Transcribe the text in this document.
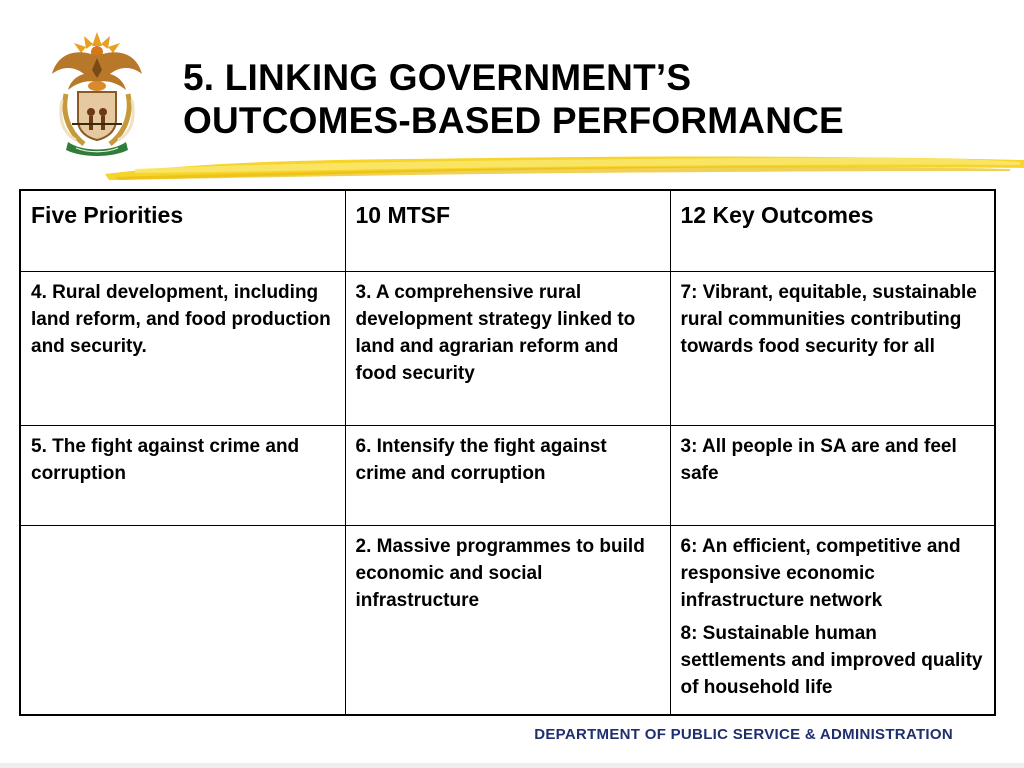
5. LINKING GOVERNMENT’S
OUTCOMES-BASED PERFORMANCE
Five Priorities	10 MTSF	12 Key Outcomes
4. Rural development, including land reform, and food production and security.	3. A comprehensive rural development strategy linked to land and agrarian reform and food security	7: Vibrant, equitable, sustainable rural communities contributing towards food security for all

5. The fight against crime and corruption	6. Intensify the fight against crime and corruption	3: All people in SA are and feel safe

	2. Massive programmes to build economic and social infrastructure	6: An efficient, competitive and responsive economic infrastructure network
8: Sustainable human settlements and improved quality of household life
DEPARTMENT OF PUBLIC SERVICE & ADMINISTRATION
